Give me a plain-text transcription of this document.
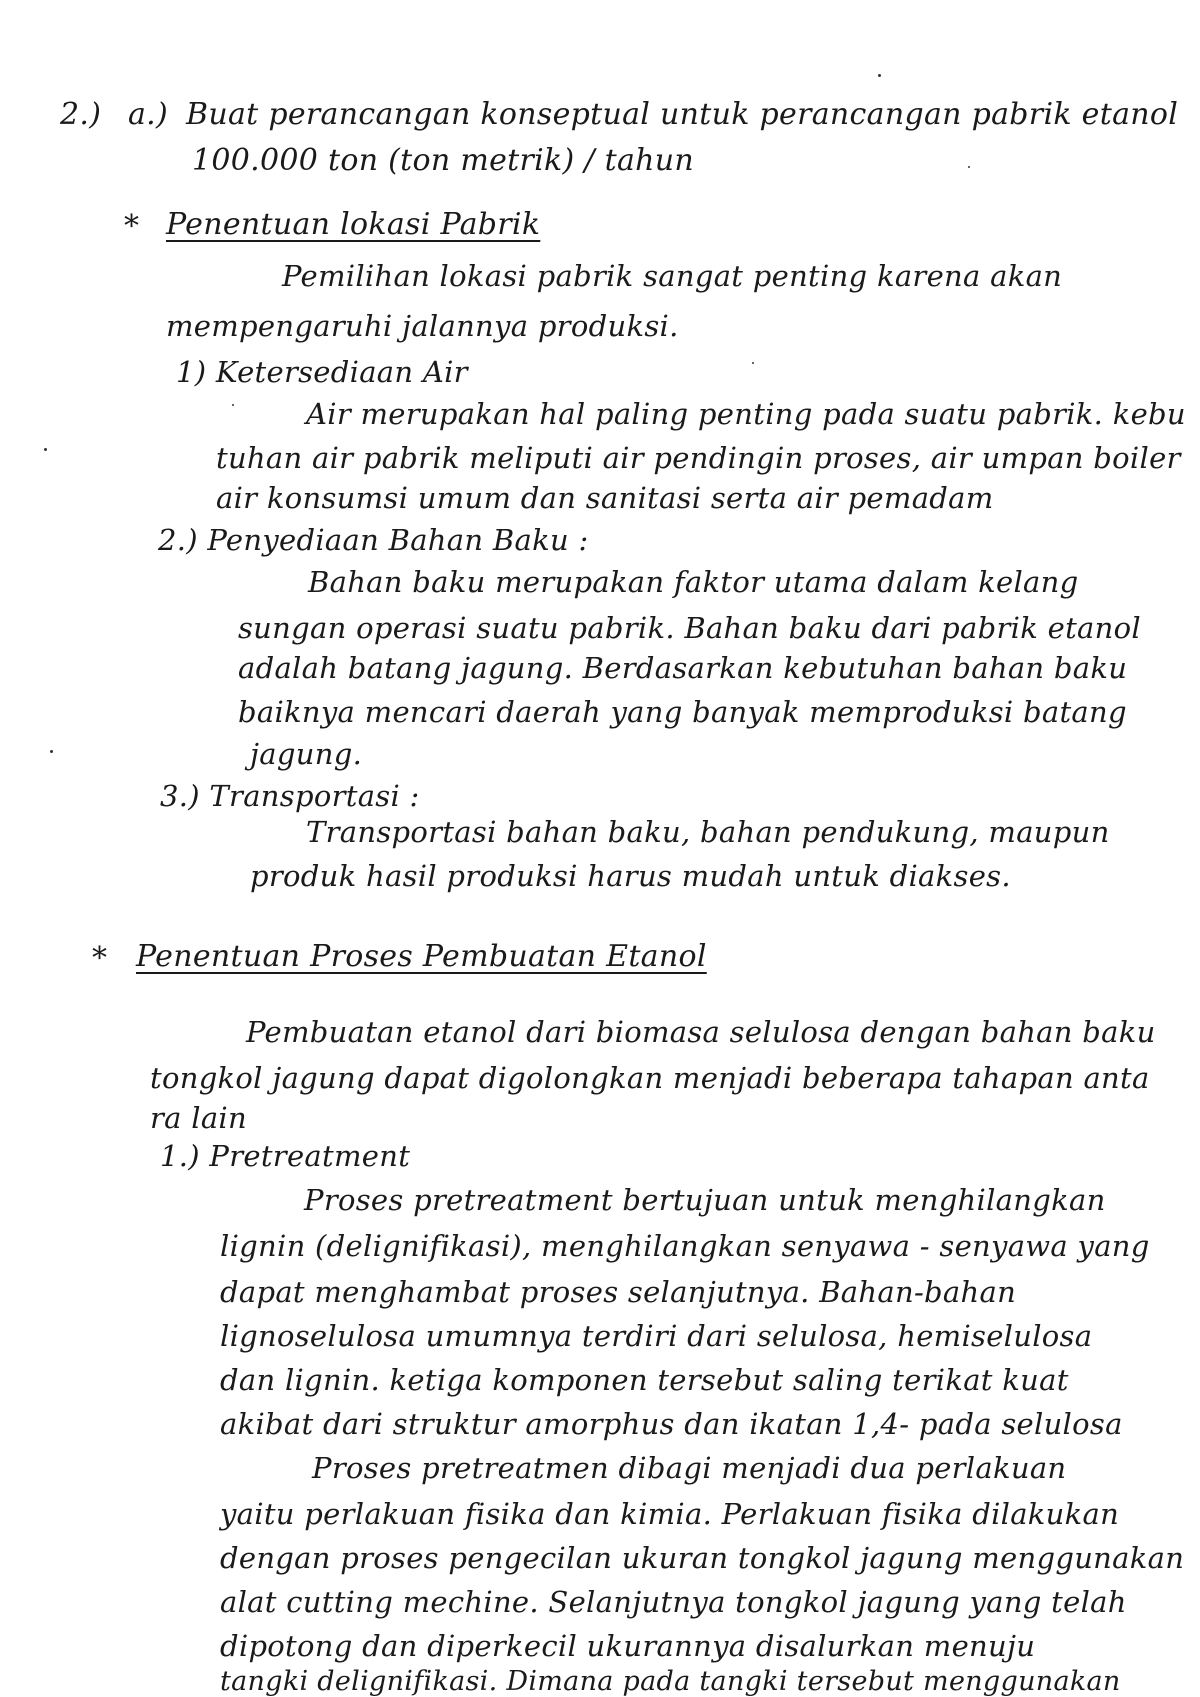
2.) a.) Buat perancangan konseptual untuk perancangan pabrik etanol
100.000 ton (ton metrik) / tahun
* Penentuan lokasi Pabrik
Pemilihan lokasi pabrik sangat penting karena akan
mempengaruhi jalannya produksi.
1) Ketersediaan Air
Air merupakan hal paling penting pada suatu pabrik. kebu
tuhan air pabrik meliputi air pendingin proses, air umpan boiler
air konsumsi umum dan sanitasi serta air pemadam
2.) Penyediaan Bahan Baku :
Bahan baku merupakan faktor utama dalam kelang
sungan operasi suatu pabrik. Bahan baku dari pabrik etanol
adalah batang jagung. Berdasarkan kebutuhan bahan baku
baiknya mencari daerah yang banyak memproduksi batang
jagung.
3.) Transportasi :
Transportasi bahan baku, bahan pendukung, maupun
produk hasil produksi harus mudah untuk diakses.
* Penentuan Proses Pembuatan Etanol
Pembuatan etanol dari biomasa selulosa dengan bahan baku
tongkol jagung dapat digolongkan menjadi beberapa tahapan anta
ra lain
1.) Pretreatment
Proses pretreatment bertujuan untuk menghilangkan
lignin (delignifikasi), menghilangkan senyawa - senyawa yang
dapat menghambat proses selanjutnya. Bahan-bahan
lignoselulosa umumnya terdiri dari selulosa, hemiselulosa
dan lignin. ketiga komponen tersebut saling terikat kuat
akibat dari struktur amorphus dan ikatan 1,4- pada selulosa
Proses pretreatmen dibagi menjadi dua perlakuan
yaitu perlakuan fisika dan kimia. Perlakuan fisika dilakukan
dengan proses pengecilan ukuran tongkol jagung menggunakan
alat cutting mechine. Selanjutnya tongkol jagung yang telah
dipotong dan diperkecil ukurannya disalurkan menuju
tangki delignifikasi. Dimana pada tangki tersebut menggunakan
